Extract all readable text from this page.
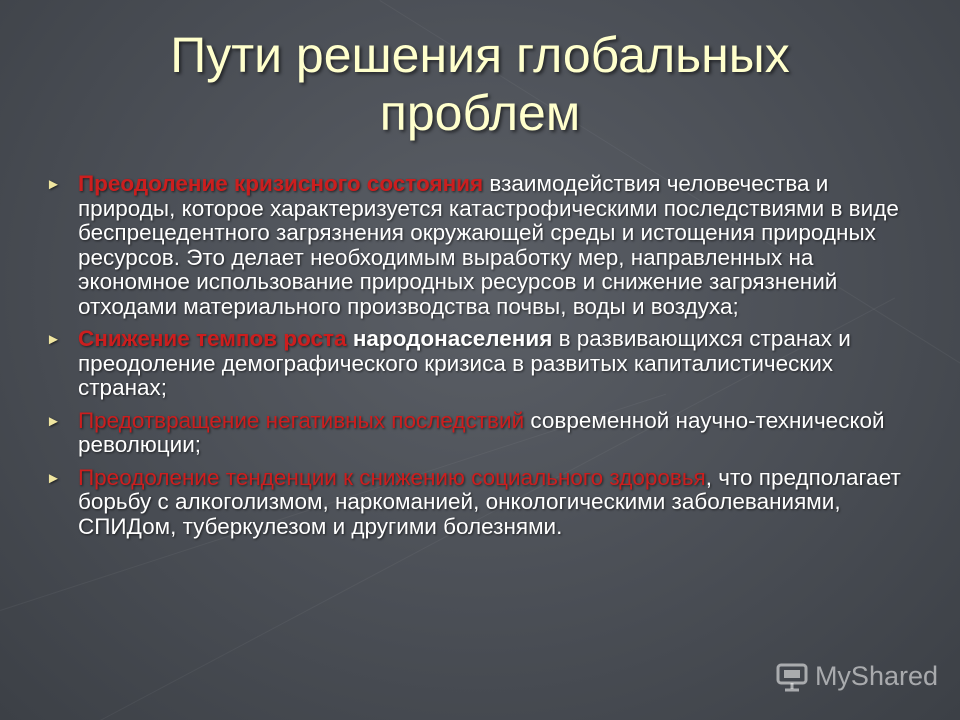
Пути решения глобальных проблем
► Преодоление кризисного состояния взаимодействия человечества и природы, которое характеризуется катастрофическими последствиями в виде беспрецедентного загрязнения окружающей среды и истощения природных ресурсов. Это делает необходимым выработку мер, направленных на экономное использование природных ресурсов и снижение загрязнений отходами материального производства почвы, воды и воздуха;
► Снижение темпов роста народонаселения в развивающихся странах и преодоление демографического кризиса в развитых капиталистических странах;
► Предотвращение негативных последствий современной научно-технической революции;
► Преодоление тенденции к снижению социального здоровья, что предполагает борьбу с алкоголизмом, наркоманией, онкологическими заболеваниями, СПИДом, туберкулезом и другими болезнями.
MyShared
